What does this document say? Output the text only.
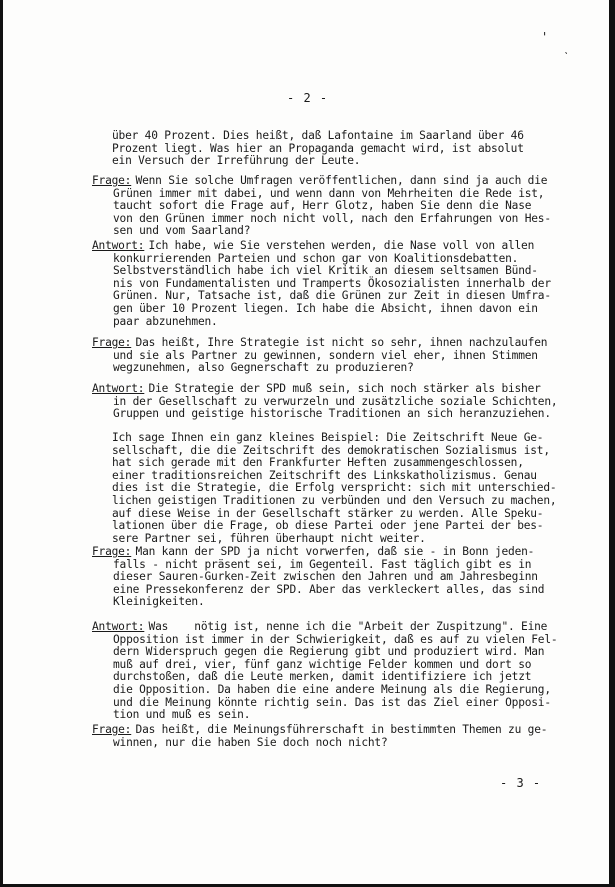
'
ˋ
- 2 -
über 40 Prozent. Dies heißt, daß Lafontaine im Saarland über 46
Prozent liegt. Was hier an Propaganda gemacht wird, ist absolut
ein Versuch der Irreführung der Leute.
Frage:
Wenn Sie solche Umfragen veröffentlichen, dann sind ja auch die
Grünen immer mit dabei, und wenn dann von Mehrheiten die Rede ist,
taucht sofort die Frage auf, Herr Glotz, haben Sie denn die Nase
von den Grünen immer noch nicht voll, nach den Erfahrungen von Hes-
sen und vom Saarland?
Antwort:
Ich habe, wie Sie verstehen werden, die Nase voll von allen
konkurrierenden Parteien und schon gar von Koalitionsdebatten.
Selbstverständlich habe ich viel Kritik an diesem seltsamen Bünd-
nis von Fundamentalisten und Tramperts Ökosozialisten innerhalb der
Grünen. Nur, Tatsache ist, daß die Grünen zur Zeit in diesen Umfra-
gen über 10 Prozent liegen. Ich habe die Absicht, ihnen davon ein
paar abzunehmen.
Frage:
Das heißt, Ihre Strategie ist nicht so sehr, ihnen nachzulaufen
und sie als Partner zu gewinnen, sondern viel eher, ihnen Stimmen
wegzunehmen, also Gegnerschaft zu produzieren?
Antwort:
Die Strategie der SPD muß sein, sich noch stärker als bisher
in der Gesellschaft zu verwurzeln und zusätzliche soziale Schichten,
Gruppen und geistige historische Traditionen an sich heranzuziehen.
Ich sage Ihnen ein ganz kleines Beispiel: Die Zeitschrift Neue Ge-
sellschaft, die die Zeitschrift des demokratischen Sozialismus ist,
hat sich gerade mit den Frankfurter Heften zusammengeschlossen,
einer traditionsreichen Zeitschrift des Linkskatholizismus. Genau
dies ist die Strategie, die Erfolg verspricht: sich mit unterschied-
lichen geistigen Traditionen zu verbünden und den Versuch zu machen,
auf diese Weise in der Gesellschaft stärker zu werden. Alle Speku-
lationen über die Frage, ob diese Partei oder jene Partei der bes-
sere Partner sei, führen überhaupt nicht weiter.
Frage:
Man kann der SPD ja nicht vorwerfen, daß sie - in Bonn jeden-
falls - nicht präsent sei, im Gegenteil. Fast täglich gibt es in
dieser Sauren-Gurken-Zeit zwischen den Jahren und am Jahresbeginn
eine Pressekonferenz der SPD. Aber das verkleckert alles, das sind
Kleinigkeiten.
Antwort:
Was    nötig ist, nenne ich die "Arbeit der Zuspitzung". Eine
Opposition ist immer in der Schwierigkeit, daß es auf zu vielen Fel-
dern Widerspruch gegen die Regierung gibt und produziert wird. Man
muß auf drei, vier, fünf ganz wichtige Felder kommen und dort so
durchstoßen, daß die Leute merken, damit identifiziere ich jetzt
die Opposition. Da haben die eine andere Meinung als die Regierung,
und die Meinung könnte richtig sein. Das ist das Ziel einer Opposi-
tion und muß es sein.
Frage:
Das heißt, die Meinungsführerschaft in bestimmten Themen zu ge-
winnen, nur die haben Sie doch noch nicht?
- 3 -
